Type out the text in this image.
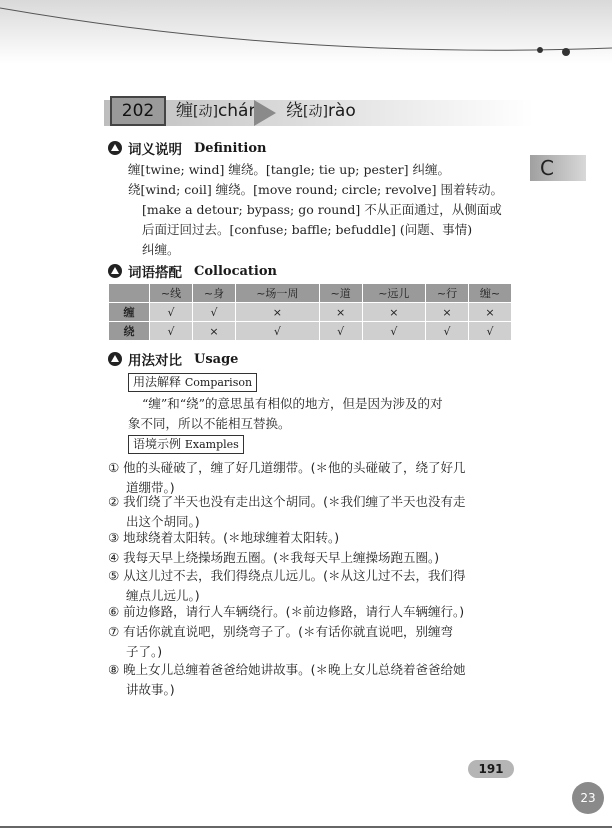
202	缠[动]chán 绕[动]rào
C
词义说明 Definition
缠[twine; wind] 缠绕。[tangle; tie up; pester] 纠缠。
绕[wind; coil] 缠绕。[move round; circle; revolve] 围着转动。
[make a detour; bypass; go round] 不从正面通过，从侧面或
后面迂回过去。[confuse; baffle; befuddle] (问题、事情)
纠缠。
词语搭配 Collocation
	~线	~身	~场一周	~道	~远儿	~行	缠~
缠	√	√	×	×	×	×	×
绕	√	×	√	√	√	√	√
用法对比 Usage
用法解释 Comparison
“缠”和“绕”的意思虽有相似的地方，但是因为涉及的对
象不同，所以不能相互替换。
语境示例 Examples
① 他的头碰破了，缠了好几道绷带。(＊他的头碰破了，绕了好几
道绷带。)
② 我们绕了半天也没有走出这个胡同。(＊我们缠了半天也没有走
出这个胡同。)
③ 地球绕着太阳转。(＊地球缠着太阳转。)
④ 我每天早上绕操场跑五圈。(＊我每天早上缠操场跑五圈。)
⑤ 从这儿过不去，我们得绕点儿远儿。(＊从这儿过不去，我们得
缠点儿远儿。)
⑥ 前边修路，请行人车辆绕行。(＊前边修路，请行人车辆缠行。)
⑦ 有话你就直说吧，别绕弯子了。(＊有话你就直说吧，别缠弯
子了。)
⑧ 晚上女儿总缠着爸爸给她讲故事。(＊晚上女儿总绕着爸爸给她
讲故事。)
191
23
